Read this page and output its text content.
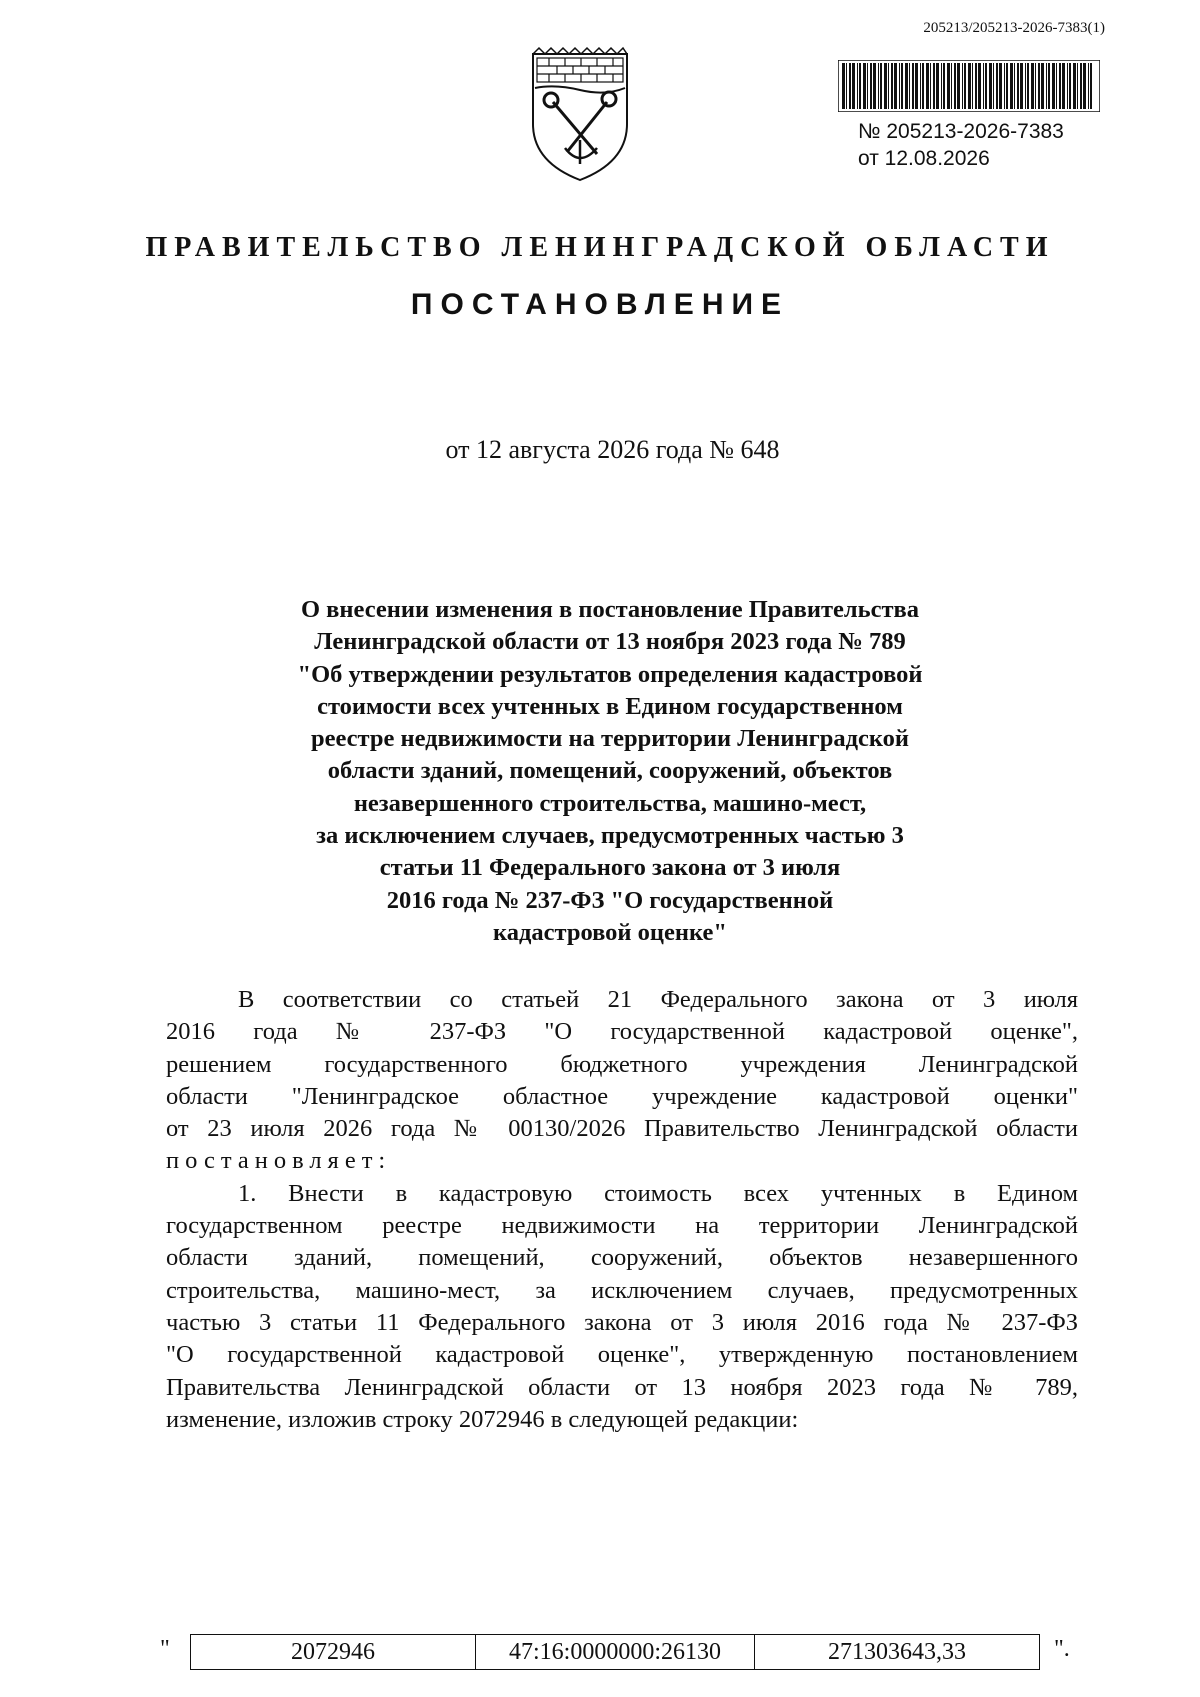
205213/205213-2026-7383(1)
№ 205213-2026-7383
от 12.08.2026
ПРАВИТЕЛЬСТВО ЛЕНИНГРАДСКОЙ ОБЛАСТИ
ПОСТАНОВЛЕНИЕ
от 12 августа 2026 года № 648
О внесении изменения в постановление Правительства
Ленинградской области от 13 ноября 2023 года № 789
"Об утверждении результатов определения кадастровой
стоимости всех учтенных в Едином государственном
реестре недвижимости на территории Ленинградской
области зданий, помещений, сооружений, объектов
незавершенного строительства, машино-мест,
за исключением случаев, предусмотренных частью 3
статьи 11 Федерального закона от 3 июля
2016 года № 237-ФЗ "О государственной
кадастровой оценке"
В соответствии со статьей 21 Федерального закона от 3 июля
2016 года № 237-ФЗ "О государственной кадастровой оценке",
решением государственного бюджетного учреждения Ленинградской
области "Ленинградское областное учреждение кадастровой оценки"
от 23 июля 2026 года № 00130/2026 Правительство Ленинградской области
постановляет:
1. Внести в кадастровую стоимость всех учтенных в Едином
государственном реестре недвижимости на территории Ленинградской
области зданий, помещений, сооружений, объектов незавершенного
строительства, машино-мест, за исключением случаев, предусмотренных
частью 3 статьи 11 Федерального закона от 3 июля 2016 года № 237-ФЗ
"О государственной кадастровой оценке", утвержденную постановлением
Правительства Ленинградской области от 13 ноября 2023 года № 789,
изменение, изложив строку 2072946 в следующей редакции:
"	2072946	47:16:0000000:26130	271303643,33	".
